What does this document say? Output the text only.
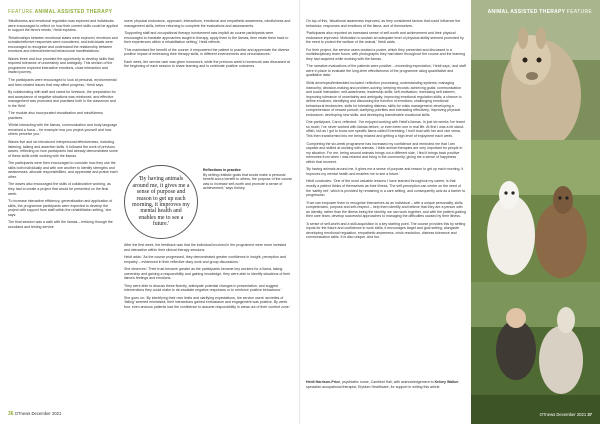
FEATURE ANIMAL ASSISTED THERAPY

'Mindfulness and emotional regulation was explored and individuals were encouraged to reflect on how their current skills could be applied to support the farm's needs,' Heidi explains.

'Relationships between emotional states were explored, emotions and somatic/reflexive responses were considered, and individuals were encouraged to recognise and understand the relationship between emotions and internal/external behavioural manifestations.'

Waves three and four provided the opportunity to develop skills that required tolerance of uncertainty and ambiguity. This section of the programme explored interactive emotions, close interaction and inward journey.

'The participants were encouraged to look at personal, environmental and farm-related issues that may affect progress,' Heidi says.

By collaborating with staff and cared-for livestock, the preparation for and acceptance of negative situations was reinforced, and effective management was promoted and practised both in the classroom and in the 'field'.

'The module also incorporated visualisation and mindfulness practices.

'Whilst interacting with the llamas, communication and body language remained a focus – for example how you project yourself and how others perceive you.'

Waves five and six introduced interpersonal effectiveness, including listening, talking and assertion skills. It followed the work of previous waves, reflecting on how participants had already demonstrated some of these skills while working with the llamas.

The participants were then encouraged to consider how they use the skills both individually and with one another to identify strengths and weaknesses, allocate responsibilities, and appreciate and praise each other.

The waves also encouraged the skills of collaborative working, as they had to create a project that would be presented on the final week.

'To increase interactive efficiency, generalisation and application of skills, the programme participants were expected to develop the project with support from staff within the rehabilitation setting,' she says.

The final session was a walk with the llamas – trekking through the woodland and testing service

users' physical endurance, approach, interactions, emotional and empathetic awareness, mindfulness and management skills, before returning to complete the evaluations and assessments.

'Supporting staff and occupational therapy involvement was implicit as course participants were encouraged to translate approaches taught in therapy, apply them to the llamas, then relate them back to their experiences within a rehabilitation setting,' Heidi reflects.

'This maximised the benefit of the course: it empowered the patient to practise and appreciate the diverse positive impact of embracing their therapy skills, in different environments and circumstances.'

Each week, the service user was given homework, while the previous week's homework was discussed at the beginning of each session to share learning and to celebrate positive outcomes.

'By having animals around me, it gives me a sense of purpose and reason to get up each morning, it improves my mental health and enables me to see a future.'

Reflections in practice
By setting realistic goals that would make a personal benefit and a benefit to others, the purpose of the course was to increase self-worth and promote a sense of achievement,' says Kelsey.

After the first week, the feedback was that the individual involved in the programme were more invested and interactive within their clinical therapy sessions.

Heidi adds: 'As the course progressed, they demonstrated greater confidence in insight, perception and empathy – evidenced in their reflective diary work and group discussions.'

She observes: 'Their trust became greater as the participants became key workers for a llama, taking ownership and gaining a responsibility and gaining knowledge, they were able to identify situations of their llama's feelings and emotions.

They were able to discuss these fluently, anticipate potential changes in presentation, and suggest interventions they could make to de-escalate negative responses or to reinforce positive behaviours.'

She goes on: 'By identifying their own limits and clarifying expectations, the service users' anxieties of 'failing' seemed minimised; their interactions gained enthusiasm and engagement was positive. By week four, even anxious patients had the confidence to assume responsibility in areas out of their comfort zone.'

On top of this, 'situational awareness improved, as they considered factors that could influence the behaviour, responses and emotions of the llama, and of themselves.

'Participants also reported an increased sense of self-worth and achievement and their physical endurance improved. Motivation to sustain an adequate level of physical ability seemed promoted by the need to protect the welfare of the animal,' Heidi adds.

For their project, the service users created a poster, which they presented and discussed in a multidisciplinary team forum, with photographs they had taken throughout the course and the learning they had acquired while working with the llamas.

'The narrative evaluations of the patients were positive – exceeding expectation,' Heidi says, 'and staff were in place to evaluate the long-term effectiveness of the programme using quantitative and qualitative data.'

Skills developed/embedded included: reflection processing; understanding systems; managing insecurity; decision-making and problem-solving; keeping records; achieving goals; communication and social interaction; self-awareness; leadership skills; self-motivation; increasing self-esteem; improving tolerance of uncertainty and ambiguity; improving emotional regulation skills; a chance to define emotions; identifying and discussing the function of emotions; challenging emotional behavioural tendencies; skills for tolerating distress; skills for crisis management; developing a comprehension of reward pursuit; clarifying priorities and interacting effectively; improving physical endurance; developing new skills; and developing transferable vocational skills.

One participant, Carol, reflected: 'I've enjoyed working with Heidi's llamas. In just six weeks I've learnt so much; I've never worked with llamas before, or even been one in real life. At first I was a bit stand-offish, but as I got to know one specific llama called Everesting, I built trust with her and vice versa. This then transformed into me being relaxed and getting a high level of enjoyment each week.

'Completing the six-week programme has increased my confidence and reminded me that I am capable and skilled at working with animals. I think animal therapies are very important for people in my situation. For me, being around animals brings out a different side, I find it brings back positive memories from when I was relaxed and living in the community, giving me a sense of happiness within that moment.

'By having animals around me, it gives me a sense of purpose and reason to get up each morning, it improves my mental health and enables me to see a future.'

Heidi concludes: 'One of the most valuable lessons I have learned throughout my career, is that mostly a patient thinks of themselves as their illness. The self-perception can centre on the need of the 'safety net', which is provided by remaining in a care setting, and consequently acts as a barrier to progression.

'If we can empower them to recognise themselves as an individual – with a unique personality, skills, competencies, purpose and self-respect – help them identify and believe that they are a person with an identity, rather than the illness being the identity, we can work together, and with the patient guiding their care team, develop successful approaches to managing the difficulties caused by their illness.

'A sense of self-worth and a skill-acquisition is a key starting point. The course provides this by setting inputs for the future and confidence in work skills, it encourages target and goal setting, alongside developing emotional regulation, empathetic awareness, crisis resolution, distress tolerance and communication skills. It is also unique. And fun.'

Heidi Harrison-Price, psychiatric nurse, Camfield Hall, with acknowledgement to Kelsey Walker, specialist occupational therapist, Elysium Healthcare, for support in writing this article.

ANIMAL ASSISTED THERAPY FEATURE
36 OTnews December 2021	OTnews December 2021 37
